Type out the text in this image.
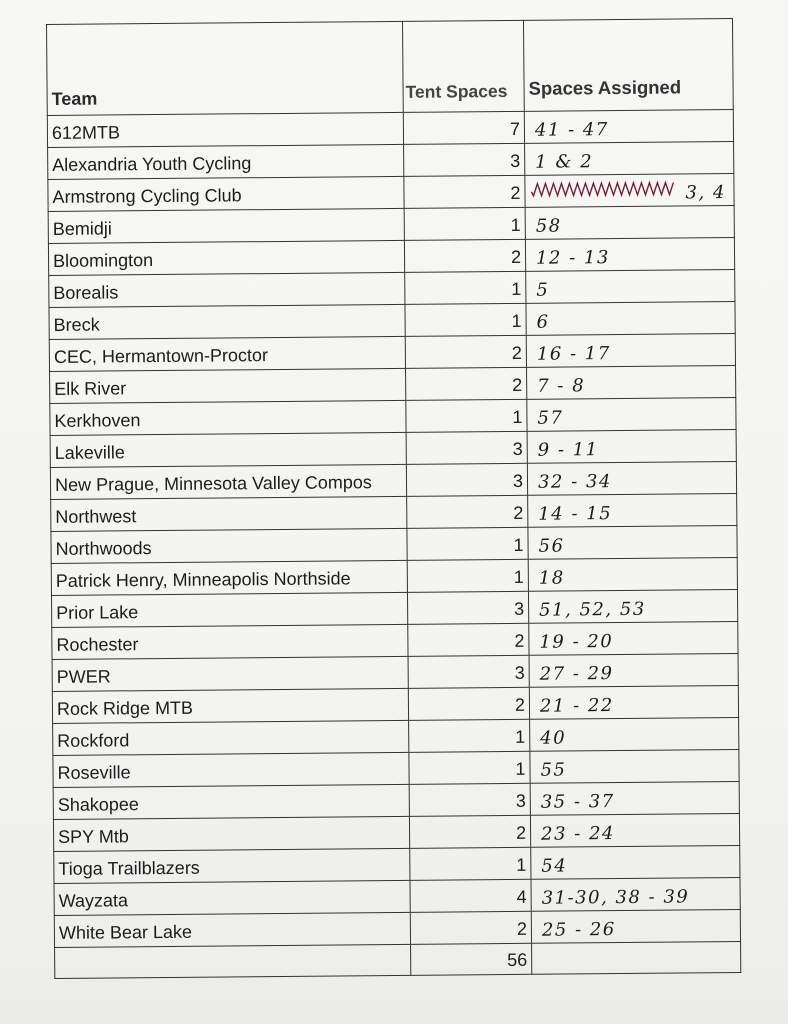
Team	Tent Spaces	Spaces Assigned
612MTB	7	41 - 47
Alexandria Youth Cycling	3	1 & 2
Armstrong Cycling Club	2	3, 4
Bemidji	1	58
Bloomington	2	12 - 13
Borealis	1	5
Breck	1	6
CEC, Hermantown-Proctor	2	16 - 17
Elk River	2	7 - 8
Kerkhoven	1	57
Lakeville	3	9 - 11
New Prague, Minnesota Valley Compos	3	32 - 34
Northwest	2	14 - 15
Northwoods	1	56
Patrick Henry, Minneapolis Northside	1	18
Prior Lake	3	51, 52, 53
Rochester	2	19 - 20
PWER	3	27 - 29
Rock Ridge MTB	2	21 - 22
Rockford	1	40
Roseville	1	55
Shakopee	3	35 - 37
SPY Mtb	2	23 - 24
Tioga Trailblazers	1	54
Wayzata	4	31-30, 38 - 39
White Bear Lake	2	25 - 26
	56	
